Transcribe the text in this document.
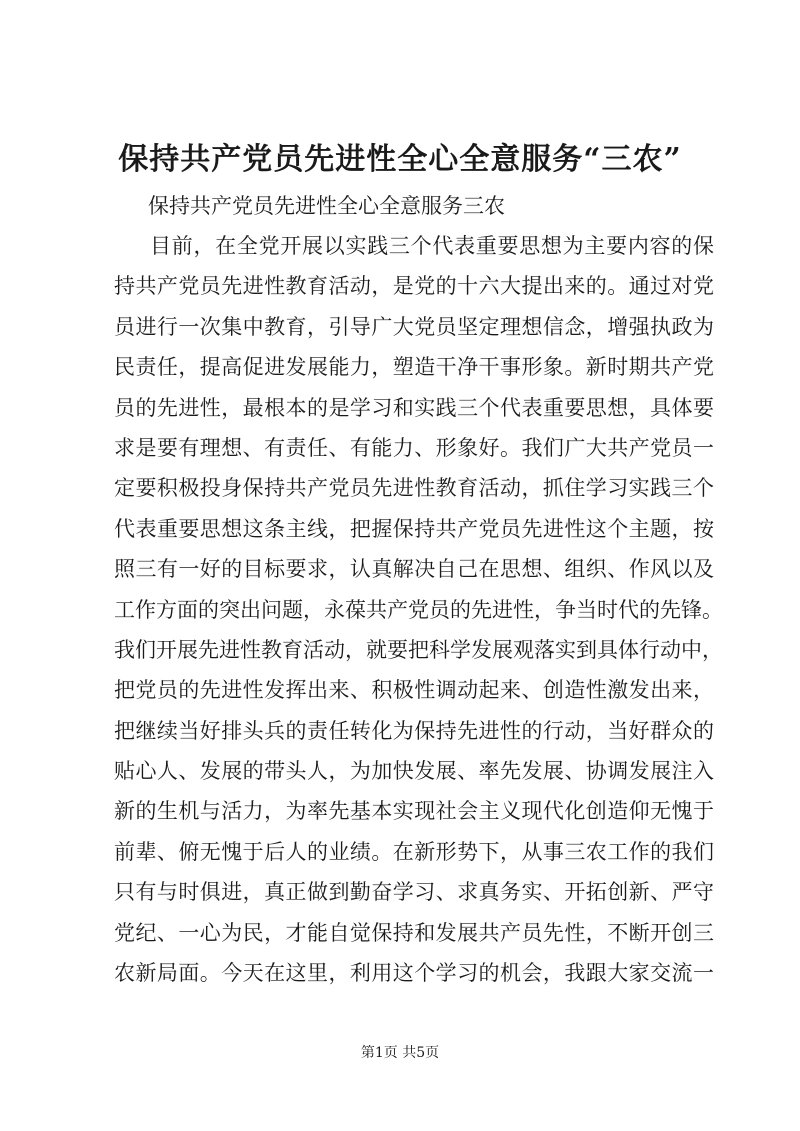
保持共产党员先进性全心全意服务“三农”
保持共产党员先进性全心全意服务三农
目前，在全党开展以实践三个代表重要思想为主要内容的保
持共产党员先进性教育活动，是党的十六大提出来的。通过对党
员进行一次集中教育，引导广大党员坚定理想信念，增强执政为
民责任，提高促进发展能力，塑造干净干事形象。新时期共产党
员的先进性，最根本的是学习和实践三个代表重要思想，具体要
求是要有理想、有责任、有能力、形象好。我们广大共产党员一
定要积极投身保持共产党员先进性教育活动，抓住学习实践三个
代表重要思想这条主线，把握保持共产党员先进性这个主题，按
照三有一好的目标要求，认真解决自己在思想、组织、作风以及
工作方面的突出问题，永葆共产党员的先进性，争当时代的先锋。
我们开展先进性教育活动，就要把科学发展观落实到具体行动中，
把党员的先进性发挥出来、积极性调动起来、创造性激发出来，
把继续当好排头兵的责任转化为保持先进性的行动，当好群众的
贴心人、发展的带头人，为加快发展、率先发展、协调发展注入
新的生机与活力，为率先基本实现社会主义现代化创造仰无愧于
前辈、俯无愧于后人的业绩。在新形势下，从事三农工作的我们
只有与时俱进，真正做到勤奋学习、求真务实、开拓创新、严守
党纪、一心为民，才能自觉保持和发展共产员先性，不断开创三
农新局面。今天在这里，利用这个学习的机会，我跟大家交流一
第1页 共5页
